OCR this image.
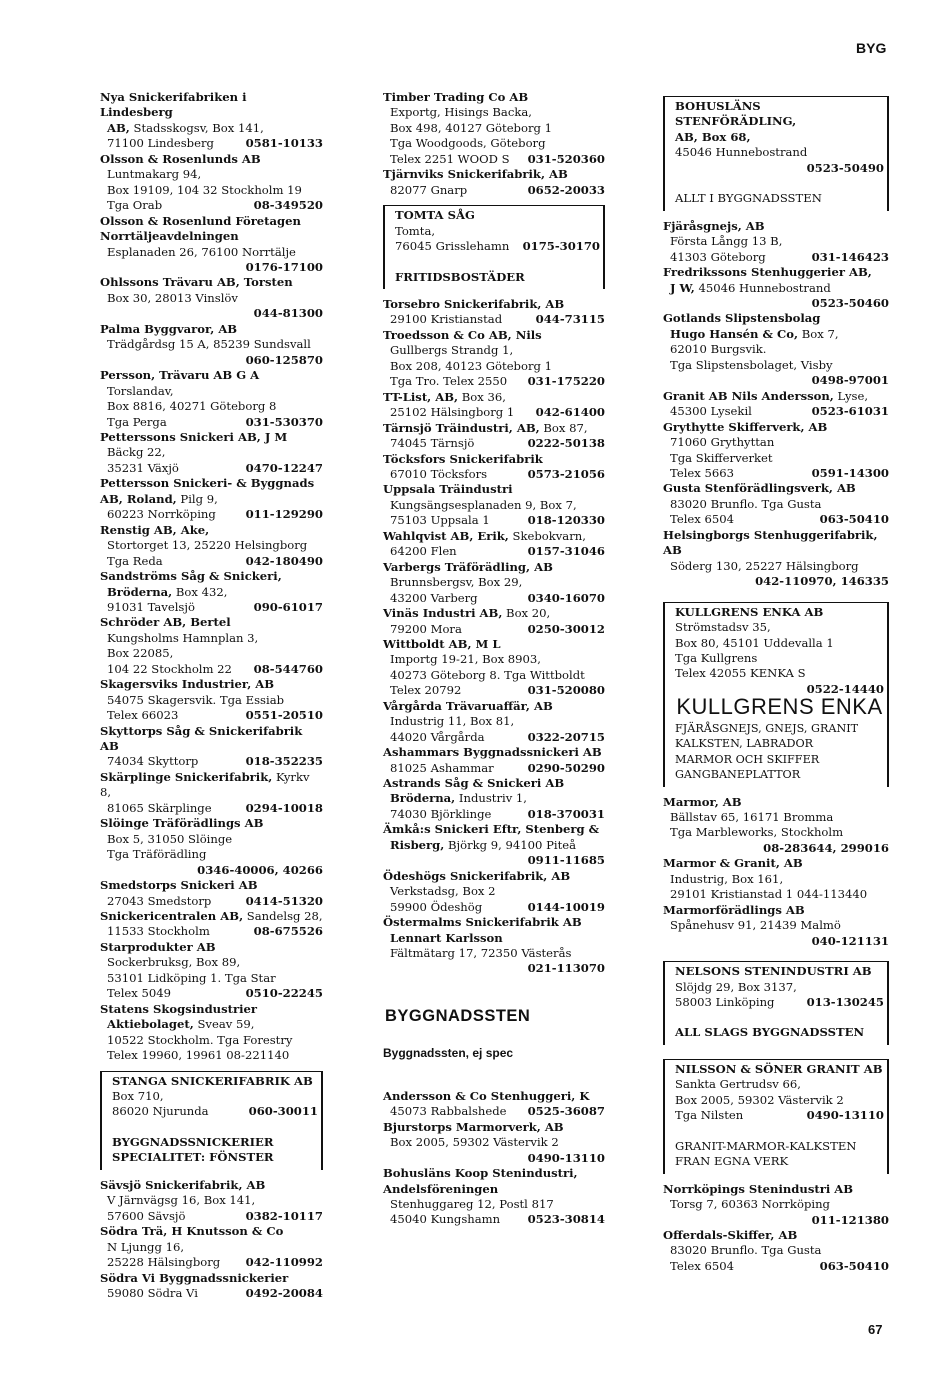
BYG
Nya Snickerifabriken i Lindesberg
AB, Stadsskogsv, Box 141,
71100 Lindesberg	0581-10133
Olsson & Rosenlunds AB
Luntmakarg 94,
Box 19109, 104 32 Stockholm 19
Tga Orab	08-349520
Olsson & Rosenlund Företagen
Norrtäljeavdelningen
Esplanaden 26, 76100 Norrtälje
0176-17100
Ohlssons Trävaru AB, Torsten
Box 30, 28013 Vinslöv
044-81300
Palma Byggvaror, AB
Trädgårdsg 15 A, 85239 Sundsvall
060-125870
Persson, Trävaru AB G A
Torslandav,
Box 8816, 40271 Göteborg 8
Tga Perga	031-530370
Petterssons Snickeri AB, J M
Bäckg 22,
35231 Växjö	0470-12247
Pettersson Snickeri- & Byggnads
AB, Roland, Pilg 9,
60223 Norrköping	011-129290
Renstig AB, Ake,
Stortorget 13, 25220 Helsingborg
Tga Reda	042-180490
Sandströms Såg & Snickeri,
Bröderna, Box 432,
91031 Tavelsjö	090-61017
Schröder AB, Bertel
Kungsholms Hamnplan 3,
Box 22085,
104 22 Stockholm 22 08-544760
Skagersviks Industrier, AB
54075 Skagersvik. Tga Essiab
Telex 66023	0551-20510
Skyttorps Såg & Snickerifabrik AB
74034 Skyttorp	018-352235
Skärplinge Snickerifabrik, Kyrkv 8,
81065 Skärplinge	0294-10018
Slöinge Träförädlings AB
Box 5, 31050 Slöinge
Tga Träförädling
0346-40006, 40266
Smedstorps Snickeri AB
27043 Smedstorp	0414-51320
Snickericentralen AB, Sandelsg 28,
11533 Stockholm	08-675526
Starprodukter AB
Sockerbruksg, Box 89,
53101 Lidköping 1. Tga Star
Telex 5049	0510-22245
Statens Skogsindustrier
Aktiebolaget, Sveav 59,
10522 Stockholm. Tga Forestry
Telex 19960, 19961 08-221140
STANGA SNICKERIFABRIK AB
Box 710,
86020 Njurunda	060-30011
BYGGNADSSNICKERIER
SPECIALITET: FÖNSTER
Sävsjö Snickerifabrik, AB
V Järnvägsg 16, Box 141,
57600 Sävsjö	0382-10117
Södra Trä, H Knutsson & Co
N Ljungg 16,
25228 Hälsingborg 042-110992
Södra Vi Byggnadssnickerier
59080 Södra Vi	0492-20084
Timber Trading Co AB
Exportg, Hisings Backa,
Box 498, 40127 Göteborg 1
Tga Woodgoods, Göteborg
Telex 2251 WOOD S 031-520360
Tjärnviks Snickerifabrik, AB
82077 Gnarp	0652-20033
TOMTA SÅG
Tomta,
76045 Grisslehamn 0175-30170
FRITIDSBOSTÄDER
Torsebro Snickerifabrik, AB
29100 Kristianstad	044-73115
Troedsson & Co AB, Nils
Gullbergs Strandg 1,
Box 208, 40123 Göteborg 1
Tga Tro. Telex 2550 031-175220
TT-List, AB, Box 36,
25102 Hälsingborg 1 042-61400
Tärnsjö Träindustri, AB, Box 87,
74045 Tärnsjö	0222-50138
Töcksfors Snickerifabrik
67010 Töcksfors	0573-21056
Uppsala Träindustri
Kungsängsesplanaden 9, Box 7,
75103 Uppsala 1	018-120330
Wahlqvist AB, Erik, Skebokvarn,
64200 Flen	0157-31046
Varbergs Träförädling, AB
Brunnsbergsv, Box 29,
43200 Varberg	0340-16070
Vinäs Industri AB, Box 20,
79200 Mora	0250-30012
Wittboldt AB, M L
Importg 19-21, Box 8903,
40273 Göteborg 8. Tga Wittboldt
Telex 20792	031-520080
Vårgårda Trävaruaffär, AB
Industrig 11, Box 81,
44020 Vårgårda	0322-20715
Ashammars Byggnadssnickeri AB
81025 Ashammar	0290-50290
Astrands Såg & Snickeri AB
Bröderna, Industriv 1,
74030 Björklinge	018-370031
Ämkå:s Snickeri Eftr, Stenberg &
Risberg, Björkg 9, 94100 Piteå
0911-11685
Ödeshögs Snickerifabrik, AB
Verkstadsg, Box 2
59900 Ödeshög	0144-10019
Östermalms Snickerifabrik AB
Lennart Karlsson
Fältmätarg 17, 72350 Västerås
021-113070
BYGGNADSSTEN
Byggnadssten, ej spec
Andersson & Co Stenhuggeri, K
45073 Rabbalshede 0525-36087
Bjurstorps Marmorverk, AB
Box 2005, 59302 Västervik 2
0490-13110
Bohusläns Koop Stenindustri,
Andelsföreningen
Stenhuggareg 12, Postl 817
45040 Kungshamn 0523-30814
BOHUSLÄNS STENFÖRÄDLING,
AB, Box 68,
45046 Hunnebostrand
0523-50490
ALLT I BYGGNADSSTEN
Fjäråsgnejs, AB
Första Långg 13 B,
41303 Göteborg	031-146423
Fredrikssons Stenhuggerier AB,
J W, 45046 Hunnebostrand
0523-50460
Gotlands Slipstensbolag
Hugo Hansén & Co, Box 7,
62010 Burgsvik.
Tga Slipstensbolaget, Visby
0498-97001
Granit AB Nils Andersson, Lyse,
45300 Lysekil	0523-61031
Grythytte Skifferverk, AB
71060 Grythyttan
Tga Skifferverket
Telex 5663	0591-14300
Gusta Stenförädlingsverk, AB
83020 Brunflo. Tga Gusta
Telex 6504	063-50410
Helsingborgs Stenhuggerifabrik, AB
Söderg 130, 25227 Hälsingborg
042-110970, 146335
KULLGRENS ENKA AB
Strömstadsv 35,
Box 80, 45101 Uddevalla 1
Tga Kullgrens
Telex 42055 KENKA S
0522-14440
KULLGRENS ENKA
FJÄRÅSGNEJS, GNEJS, GRANIT
KALKSTEN, LABRADOR
MARMOR OCH SKIFFER
GANGBANEPLATTOR
Marmor, AB
Bällstav 65, 16171 Bromma
Tga Marbleworks, Stockholm
08-283644, 299016
Marmor & Granit, AB
Industrig, Box 161,
29101 Kristianstad 1 044-113440
Marmorförädlings AB
Spånehusv 91, 21439 Malmö
040-121131
NELSONS STENINDUSTRI AB
Slöjdg 29, Box 3137,
58003 Linköping	013-130245
ALL SLAGS BYGGNADSSTEN
NILSSON & SÖNER GRANIT AB
Sankta Gertrudsv 66,
Box 2005, 59302 Västervik 2
Tga Nilsten	0490-13110
GRANIT-MARMOR-KALKSTEN
FRAN EGNA VERK
Norrköpings Stenindustri AB
Torsg 7, 60363 Norrköping
011-121380
Offerdals-Skiffer, AB
83020 Brunflo. Tga Gusta
Telex 6504	063-50410
67
